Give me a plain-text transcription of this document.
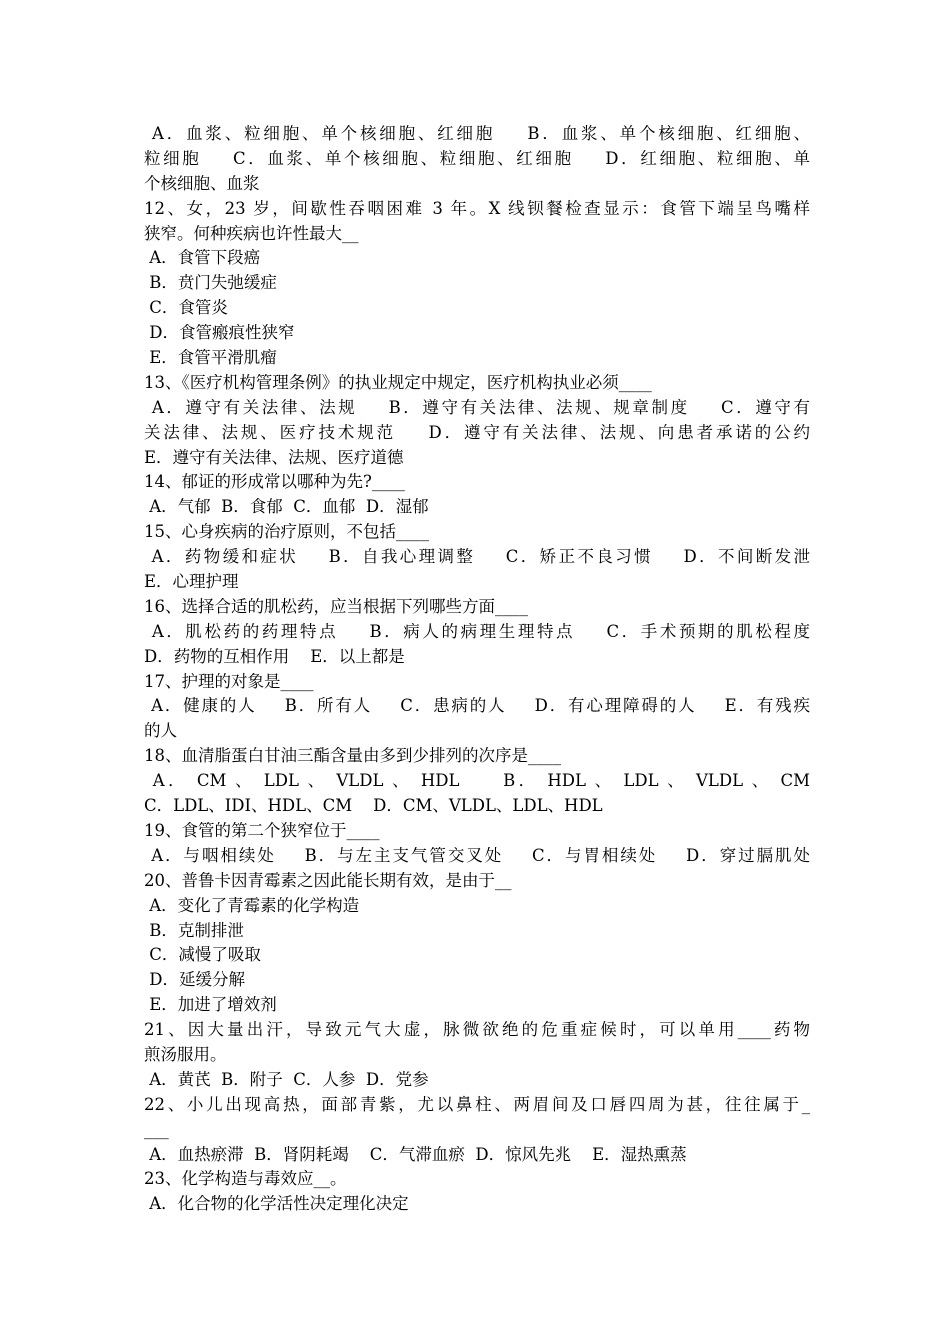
A．血浆、粒细胞、单个核细胞、红细胞    B．血浆、单个核细胞、红细胞、
粒细胞    C．血浆、单个核细胞、粒细胞、红细胞    D．红细胞、粒细胞、单
个核细胞、血浆
12、女，23 岁，间歇性吞咽困难 3 年。X 线钡餐检查显示：食管下端呈鸟嘴样
狭窄。何种疾病也许性最大__
A．食管下段癌
B．贲门失弛缓症
C．食管炎
D．食管瘢痕性狭窄
E．食管平滑肌瘤
13、《医疗机构管理条例》的执业规定中规定，医疗机构执业必须____
A．遵守有关法律、法规    B．遵守有关法律、法规、规章制度    C．遵守有
关法律、法规、医疗技术规范    D．遵守有关法律、法规、向患者承诺的公约
E．遵守有关法律、法规、医疗道德
14、郁证的形成常以哪种为先?____
A．气郁  B．食郁  C．血郁  D．湿郁
15、心身疾病的治疗原则，不包括____
A．药物缓和症状    B．自我心理调整    C．矫正不良习惯    D．不间断发泄
E．心理护理
16、选择合适的肌松药，应当根据下列哪些方面____
A．肌松药的药理特点    B．病人的病理生理特点    C．手术预期的肌松程度
D．药物的互相作用    E．以上都是
17、护理的对象是____
A．健康的人    B．所有人    C．患病的人    D．有心理障碍的人    E．有残疾
的人
18、血清脂蛋白甘油三酯含量由多到少排列的次序是____
A． CM 、 LDL 、 VLDL 、 HDL     B． HDL 、 LDL 、 VLDL 、 CM
C．LDL、IDI、HDL、CM    D．CM、VLDL、LDL、HDL
19、食管的第二个狭窄位于____
A．与咽相续处    B．与左主支气管交叉处    C．与胃相续处    D．穿过膈肌处
20、普鲁卡因青霉素之因此能长期有效，是由于__
A．变化了青霉素的化学构造
B．克制排泄
C．减慢了吸取
D．延缓分解
E．加进了增效剂
21、因大量出汗，导致元气大虚，脉微欲绝的危重症候时，可以单用____药物
煎汤服用。
A．黄芪  B．附子  C．人参  D．党参
22、小儿出现高热，面部青紫，尤以鼻柱、两眉间及口唇四周为甚，往往属于_
___
A．血热瘀滞  B．肾阴耗竭    C．气滞血瘀  D．惊风先兆    E．湿热熏蒸
23、化学构造与毒效应__。
A．化合物的化学活性决定理化决定
